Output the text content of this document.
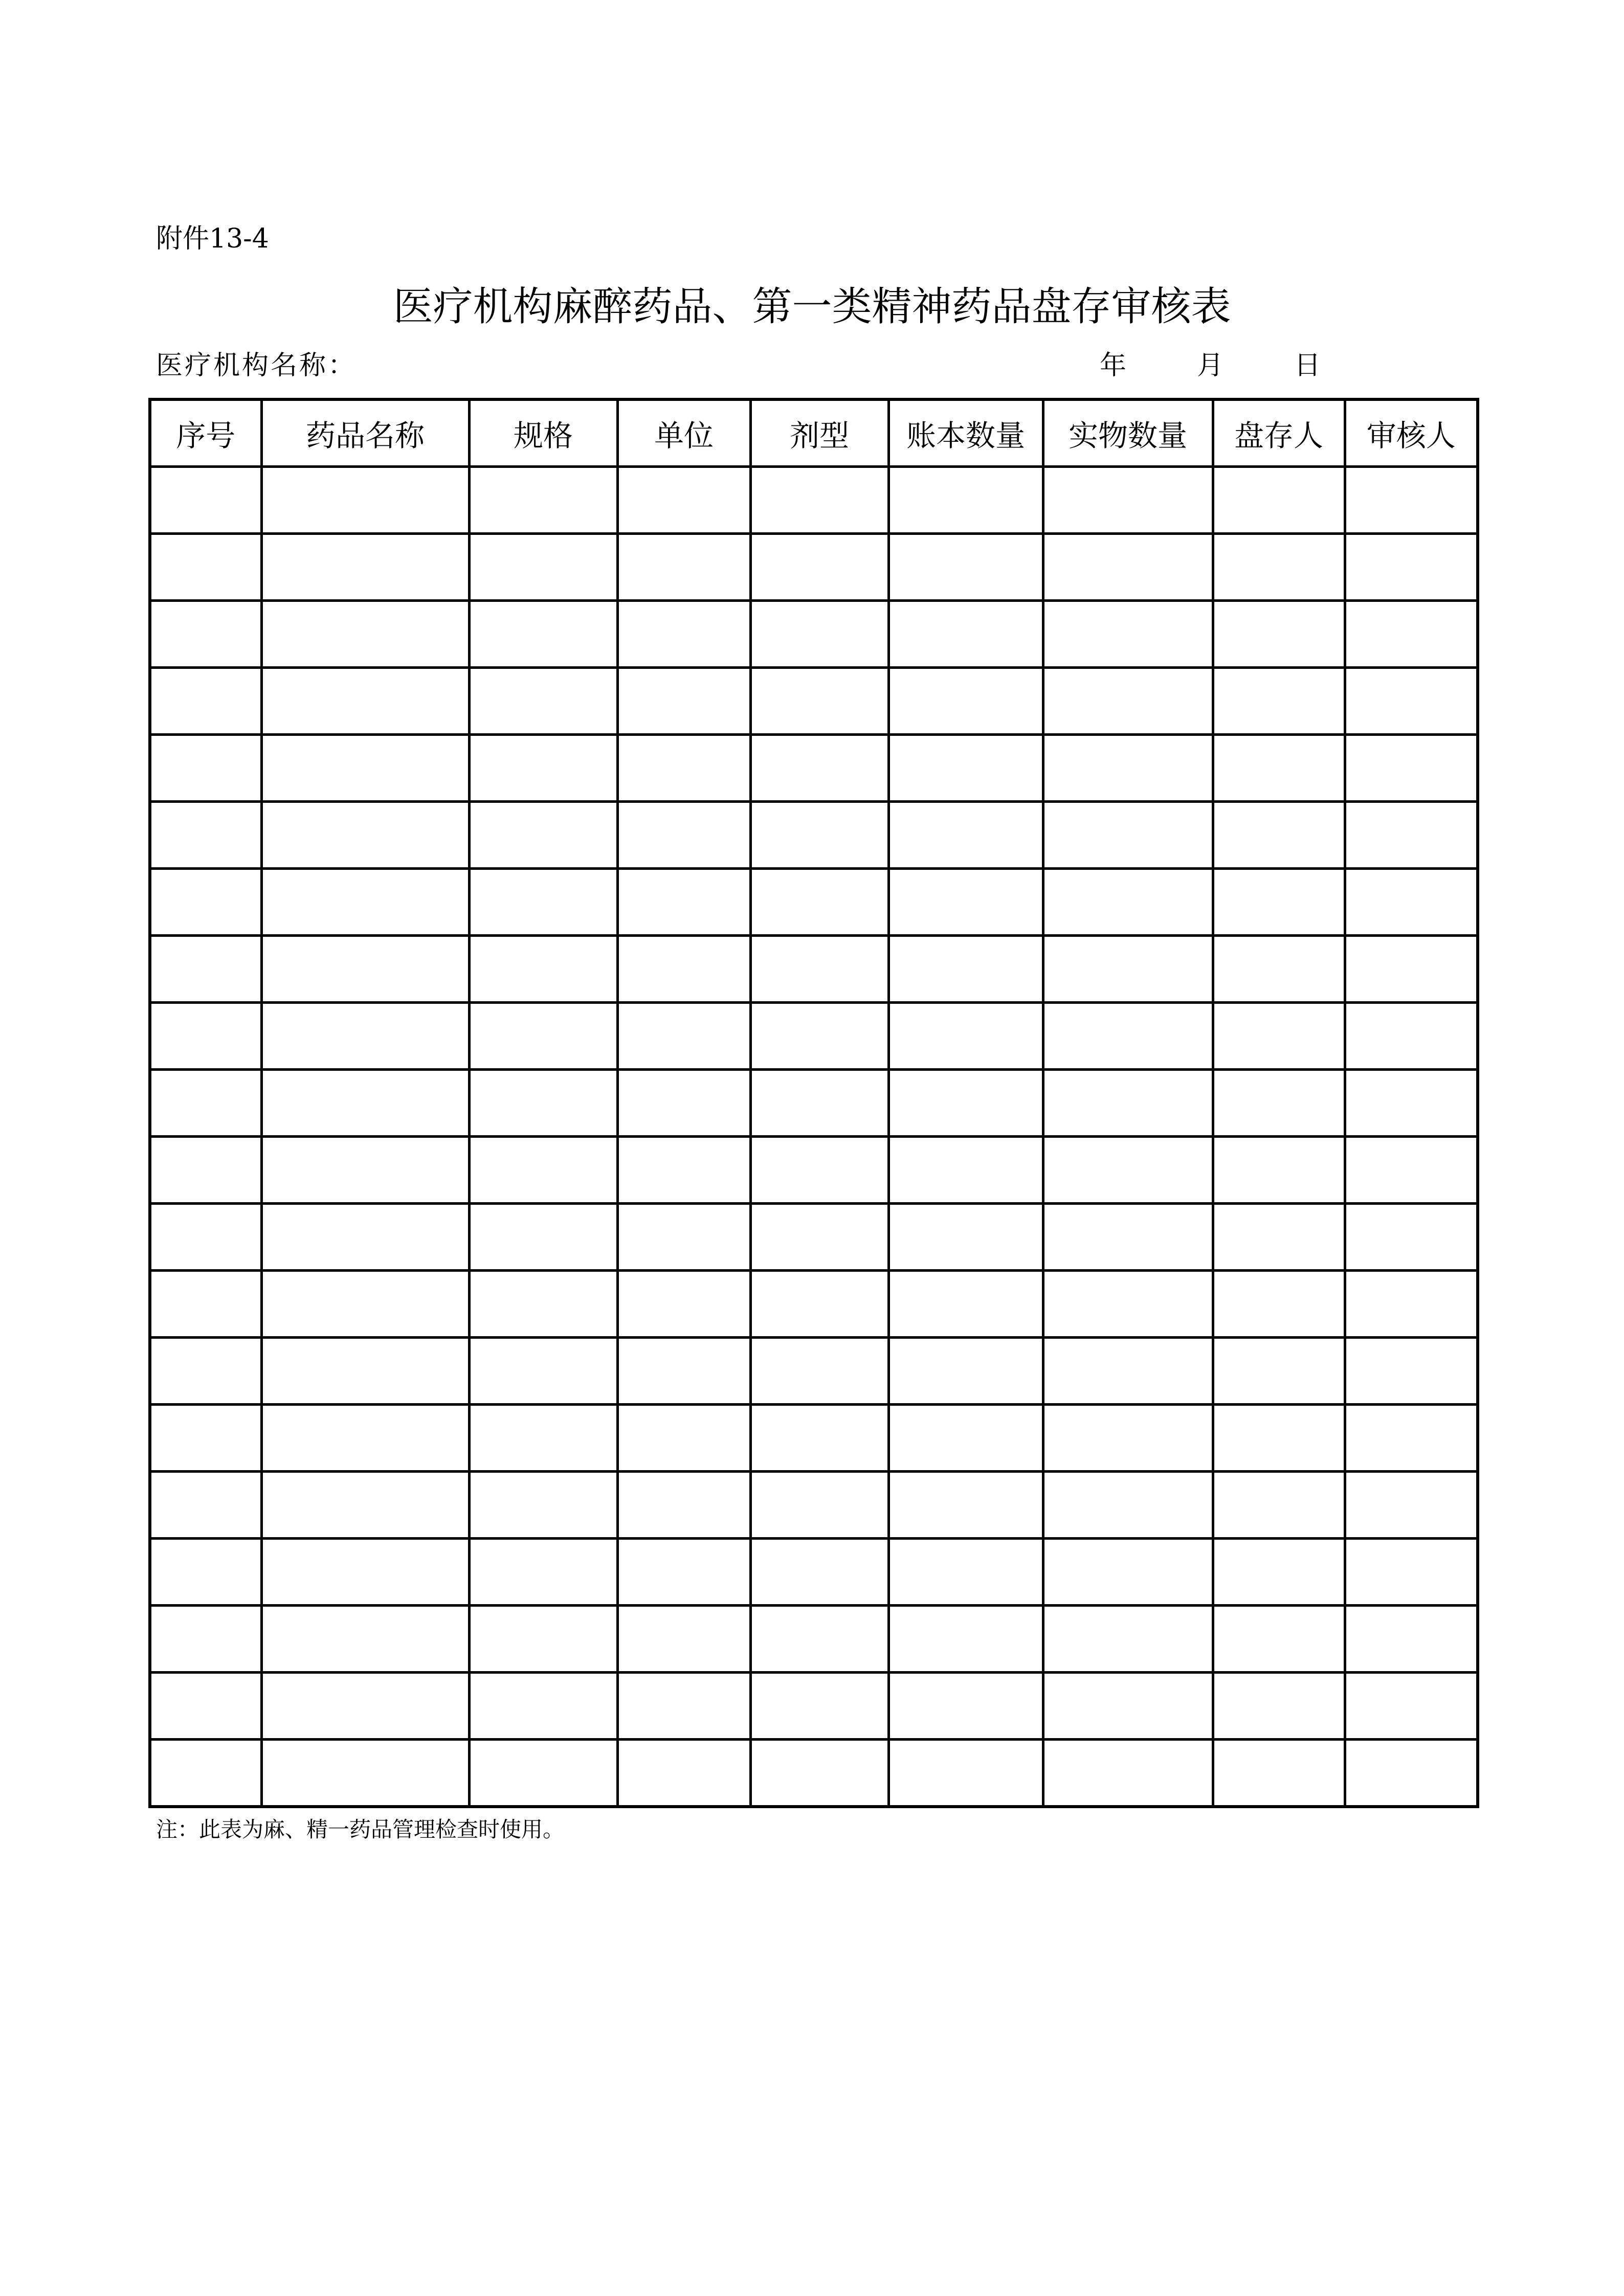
附件13-4
医疗机构麻醉药品、第一类精神药品盘存审核表
医疗机构名称：	年	月	日
序号	药品名称	规格	单位	剂型	账本数量	实物数量	盘存人	审核人

注：此表为麻、精一药品管理检查时使用。
